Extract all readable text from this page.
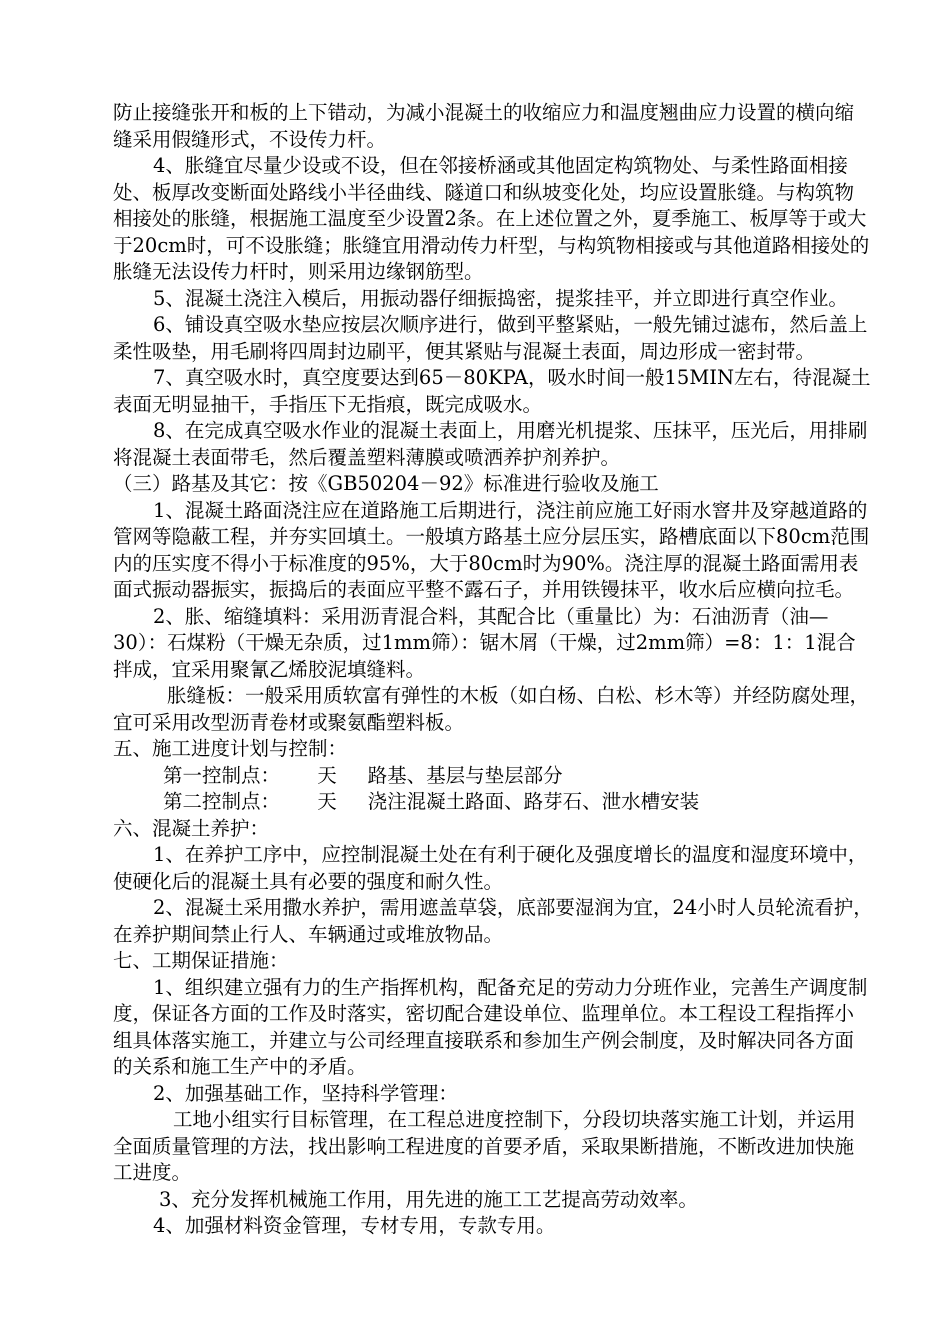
防止接缝张开和板的上下错动，为减小混凝土的收缩应力和温度翘曲应力设置的横向缩缝采用假缝形式，不设传力杆。

4、胀缝宜尽量少设或不设，但在邻接桥涵或其他固定构筑物处、与柔性路面相接处、板厚改变断面处路线小半径曲线、隧道口和纵坡变化处，均应设置胀缝。与构筑物相接处的胀缝，根据施工温度至少设置2条。在上述位置之外，夏季施工、板厚等于或大于20cm时，可不设胀缝；胀缝宜用滑动传力杆型，与构筑物相接或与其他道路相接处的胀缝无法设传力杆时，则采用边缘钢筋型。

5、混凝土浇注入模后，用振动器仔细振捣密，提浆挂平，并立即进行真空作业。

6、铺设真空吸水垫应按层次顺序进行，做到平整紧贴，一般先铺过滤布，然后盖上柔性吸垫，用毛刷将四周封边刷平，便其紧贴与混凝土表面，周边形成一密封带。

7、真空吸水时，真空度要达到65－80KPA，吸水时间一般15MIN左右，待混凝土表面无明显抽干，手指压下无指痕，既完成吸水。

8、在完成真空吸水作业的混凝土表面上，用磨光机提浆、压抹平，压光后，用排刷将混凝土表面带毛，然后覆盖塑料薄膜或喷洒养护剂养护。

（三）路基及其它：按《GB50204－92》标准进行验收及施工

1、混凝土路面浇注应在道路施工后期进行，浇注前应施工好雨水窨井及穿越道路的管网等隐蔽工程，并夯实回填土。一般填方路基土应分层压实，路槽底面以下80cm范围内的压实度不得小于标准度的95%，大于80cm时为90%。浇注厚的混凝土路面需用表面式振动器振实，振捣后的表面应平整不露石子，并用铁镘抹平，收水后应横向拉毛。

2、胀、缩缝填料：采用沥青混合料，其配合比（重量比）为：石油沥青（油—30）：石煤粉（干燥无杂质，过1mm筛）：锯木屑（干燥，过2mm筛）=8：1：1混合拌成，宜采用聚氰乙烯胶泥填缝料。

胀缝板：一般采用质软富有弹性的木板（如白杨、白松、杉木等）并经防腐处理，宜可采用改型沥青卷材或聚氨酯塑料板。

五、施工进度计划与控制：

第一控制点：      天     路基、基层与垫层部分

第二控制点：      天     浇注混凝土路面、路芽石、泄水槽安装

六、混凝土养护：

1、在养护工序中，应控制混凝土处在有利于硬化及强度增长的温度和湿度环境中，使硬化后的混凝土具有必要的强度和耐久性。

2、混凝土采用撒水养护，需用遮盖草袋，底部要湿润为宜，24小时人员轮流看护，在养护期间禁止行人、车辆通过或堆放物品。

七、工期保证措施：

1、组织建立强有力的生产指挥机构，配备充足的劳动力分班作业，完善生产调度制度，保证各方面的工作及时落实，密切配合建设单位、监理单位。本工程设工程指挥小组具体落实施工，并建立与公司经理直接联系和参加生产例会制度，及时解决同各方面的关系和施工生产中的矛盾。

2、加强基础工作，坚持科学管理：

工地小组实行目标管理，在工程总进度控制下，分段切块落实施工计划，并运用全面质量管理的方法，找出影响工程进度的首要矛盾，采取果断措施，不断改进加快施工进度。

3、充分发挥机械施工作用，用先进的施工工艺提高劳动效率。

4、加强材料资金管理，专材专用，专款专用。
